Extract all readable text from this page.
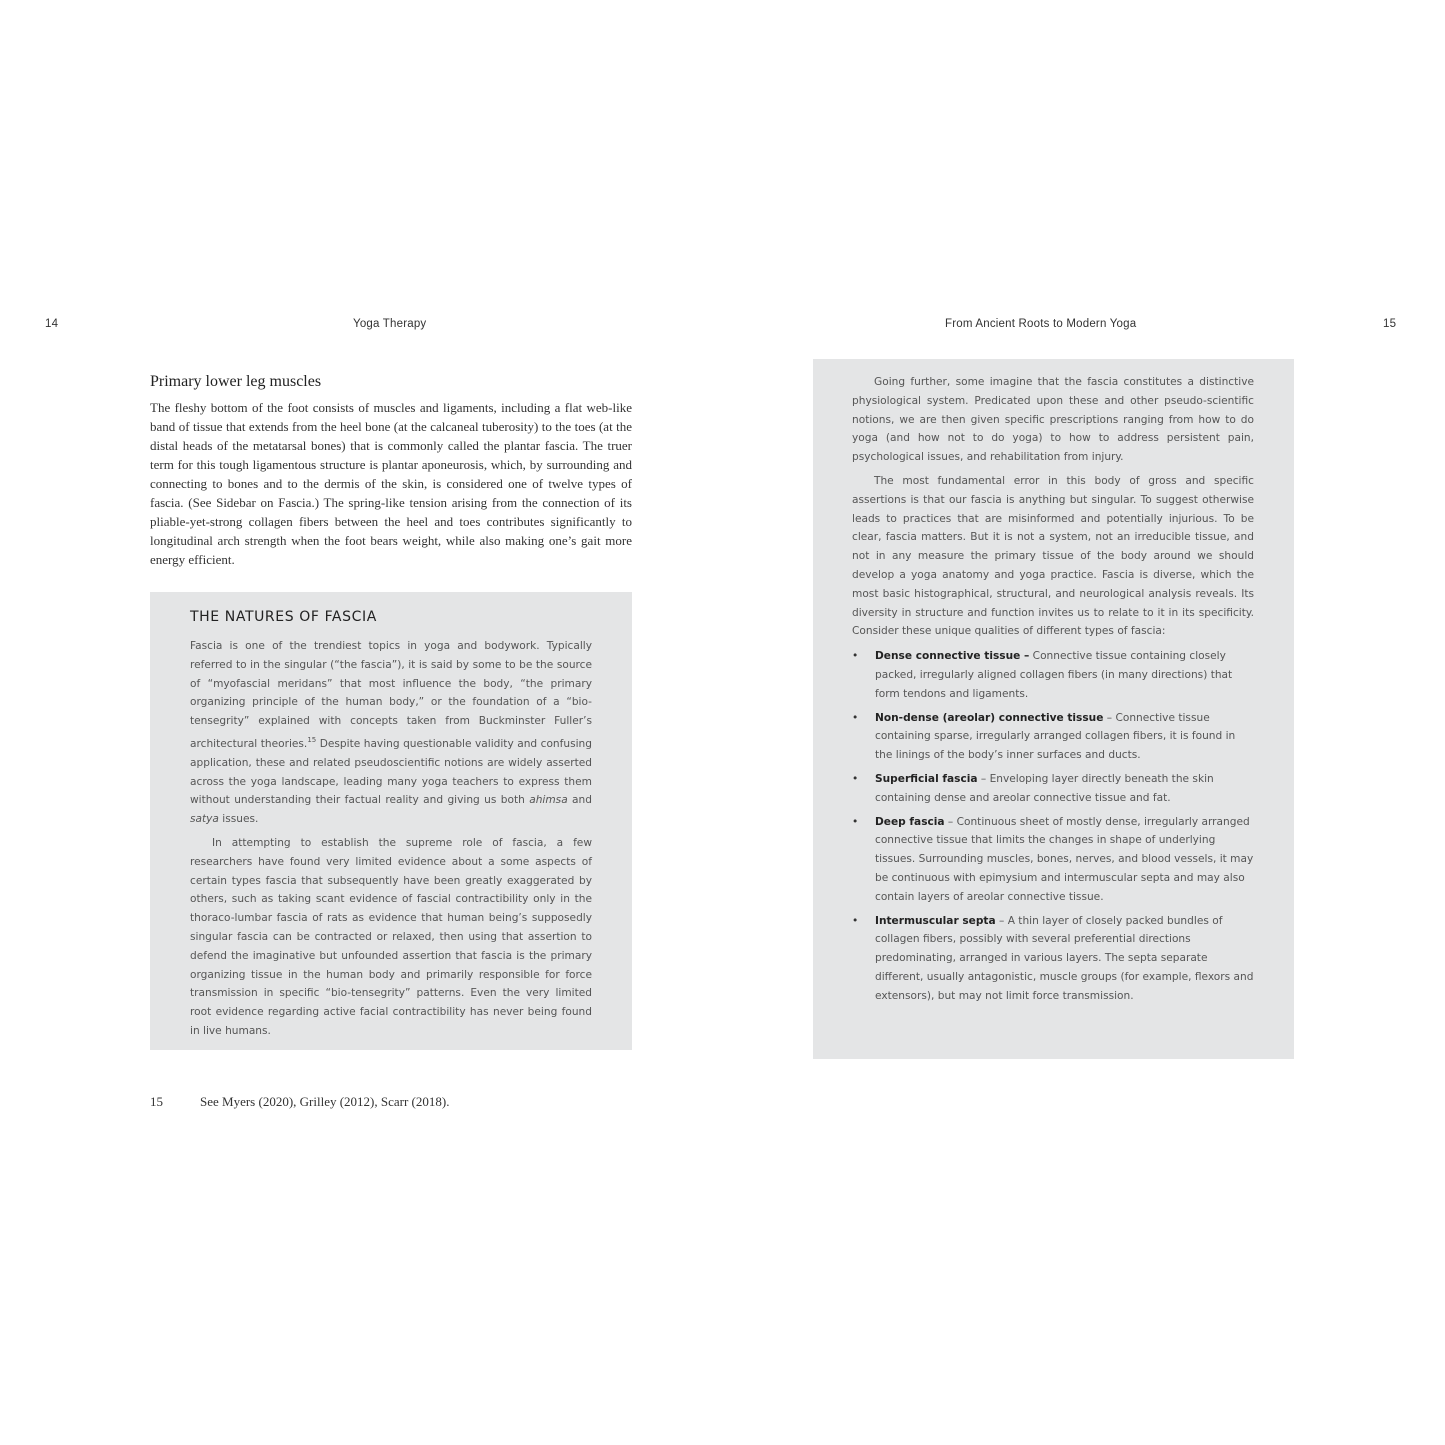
14	Yoga Therapy	From Ancient Roots to Modern Yoga	15
Primary lower leg muscles

The fleshy bottom of the foot consists of muscles and ligaments, including a flat web-like band of tissue that extends from the heel bone (at the calcaneal tuberosity) to the toes (at the distal heads of the metatarsal bones) that is commonly called the plantar fascia. The truer term for this tough ligamentous structure is plantar aponeurosis, which, by surrounding and connecting to bones and to the dermis of the skin, is considered one of twelve types of fascia. (See Sidebar on Fascia.) The spring-like tension arising from the connection of its pliable-yet-strong collagen fibers between the heel and toes contributes significantly to longitudinal arch strength when the foot bears weight, while also making one’s gait more energy efficient.

THE NATURES OF FASCIA

Fascia is one of the trendiest topics in yoga and bodywork. Typically referred to in the singular (“the fascia”), it is said by some to be the source of “myofascial meridans” that most influence the body, “the primary organizing principle of the human body,” or the foundation of a “bio-tensegrity” explained with concepts taken from Buckminster Fuller’s architectural theories.$^{15}$ Despite having questionable validity and confusing application, these and related pseudoscientific notions are widely asserted across the yoga landscape, leading many yoga teachers to express them without understanding their factual reality and giving us both ahimsa and satya issues.

In attempting to establish the supreme role of fascia, a few researchers have found very limited evidence about a some aspects of certain types fascia that subsequently have been greatly exaggerated by others, such as taking scant evidence of fascial contractibility only in the thoraco-lumbar fascia of rats as evidence that human being’s supposedly singular fascia can be contracted or relaxed, then using that assertion to defend the imaginative but unfounded assertion that fascia is the primary organizing tissue in the human body and primarily responsible for force transmission in specific “bio-tensegrity” patterns. Even the very limited root evidence regarding active facial contractibility has never being found in live humans.

15	See Myers (2020), Grilley (2012), Scarr (2018).

Going further, some imagine that the fascia constitutes a distinctive physiological system. Predicated upon these and other pseudo-scientific notions, we are then given specific prescriptions ranging from how to do yoga (and how not to do yoga) to how to address persistent pain, psychological issues, and rehabilitation from injury.

The most fundamental error in this body of gross and specific assertions is that our fascia is anything but singular. To suggest otherwise leads to practices that are misinformed and potentially injurious. To be clear, fascia matters. But it is not a system, not an irreducible tissue, and not in any measure the primary tissue of the body around we should develop a yoga anatomy and yoga practice. Fascia is diverse, which the most basic histographical, structural, and neurological analysis reveals. Its diversity in structure and function invites us to relate to it in its specificity. Consider these unique qualities of different types of fascia:

• Dense connective tissue – Connective tissue containing closely packed, irregularly aligned collagen fibers (in many directions) that form tendons and ligaments.
• Non-dense (areolar) connective tissue – Connective tissue containing sparse, irregularly arranged collagen fibers, it is found in the linings of the body’s inner surfaces and ducts.
• Superficial fascia – Enveloping layer directly beneath the skin containing dense and areolar connective tissue and fat.
• Deep fascia – Continuous sheet of mostly dense, irregularly arranged connective tissue that limits the changes in shape of underlying tissues. Surrounding muscles, bones, nerves, and blood vessels, it may be continuous with epimysium and intermuscular septa and may also contain layers of areolar connective tissue.
• Intermuscular septa – A thin layer of closely packed bundles of collagen fibers, possibly with several preferential directions predominating, arranged in various layers. The septa separate different, usually antagonistic, muscle groups (for example, flexors and extensors), but may not limit force transmission.
